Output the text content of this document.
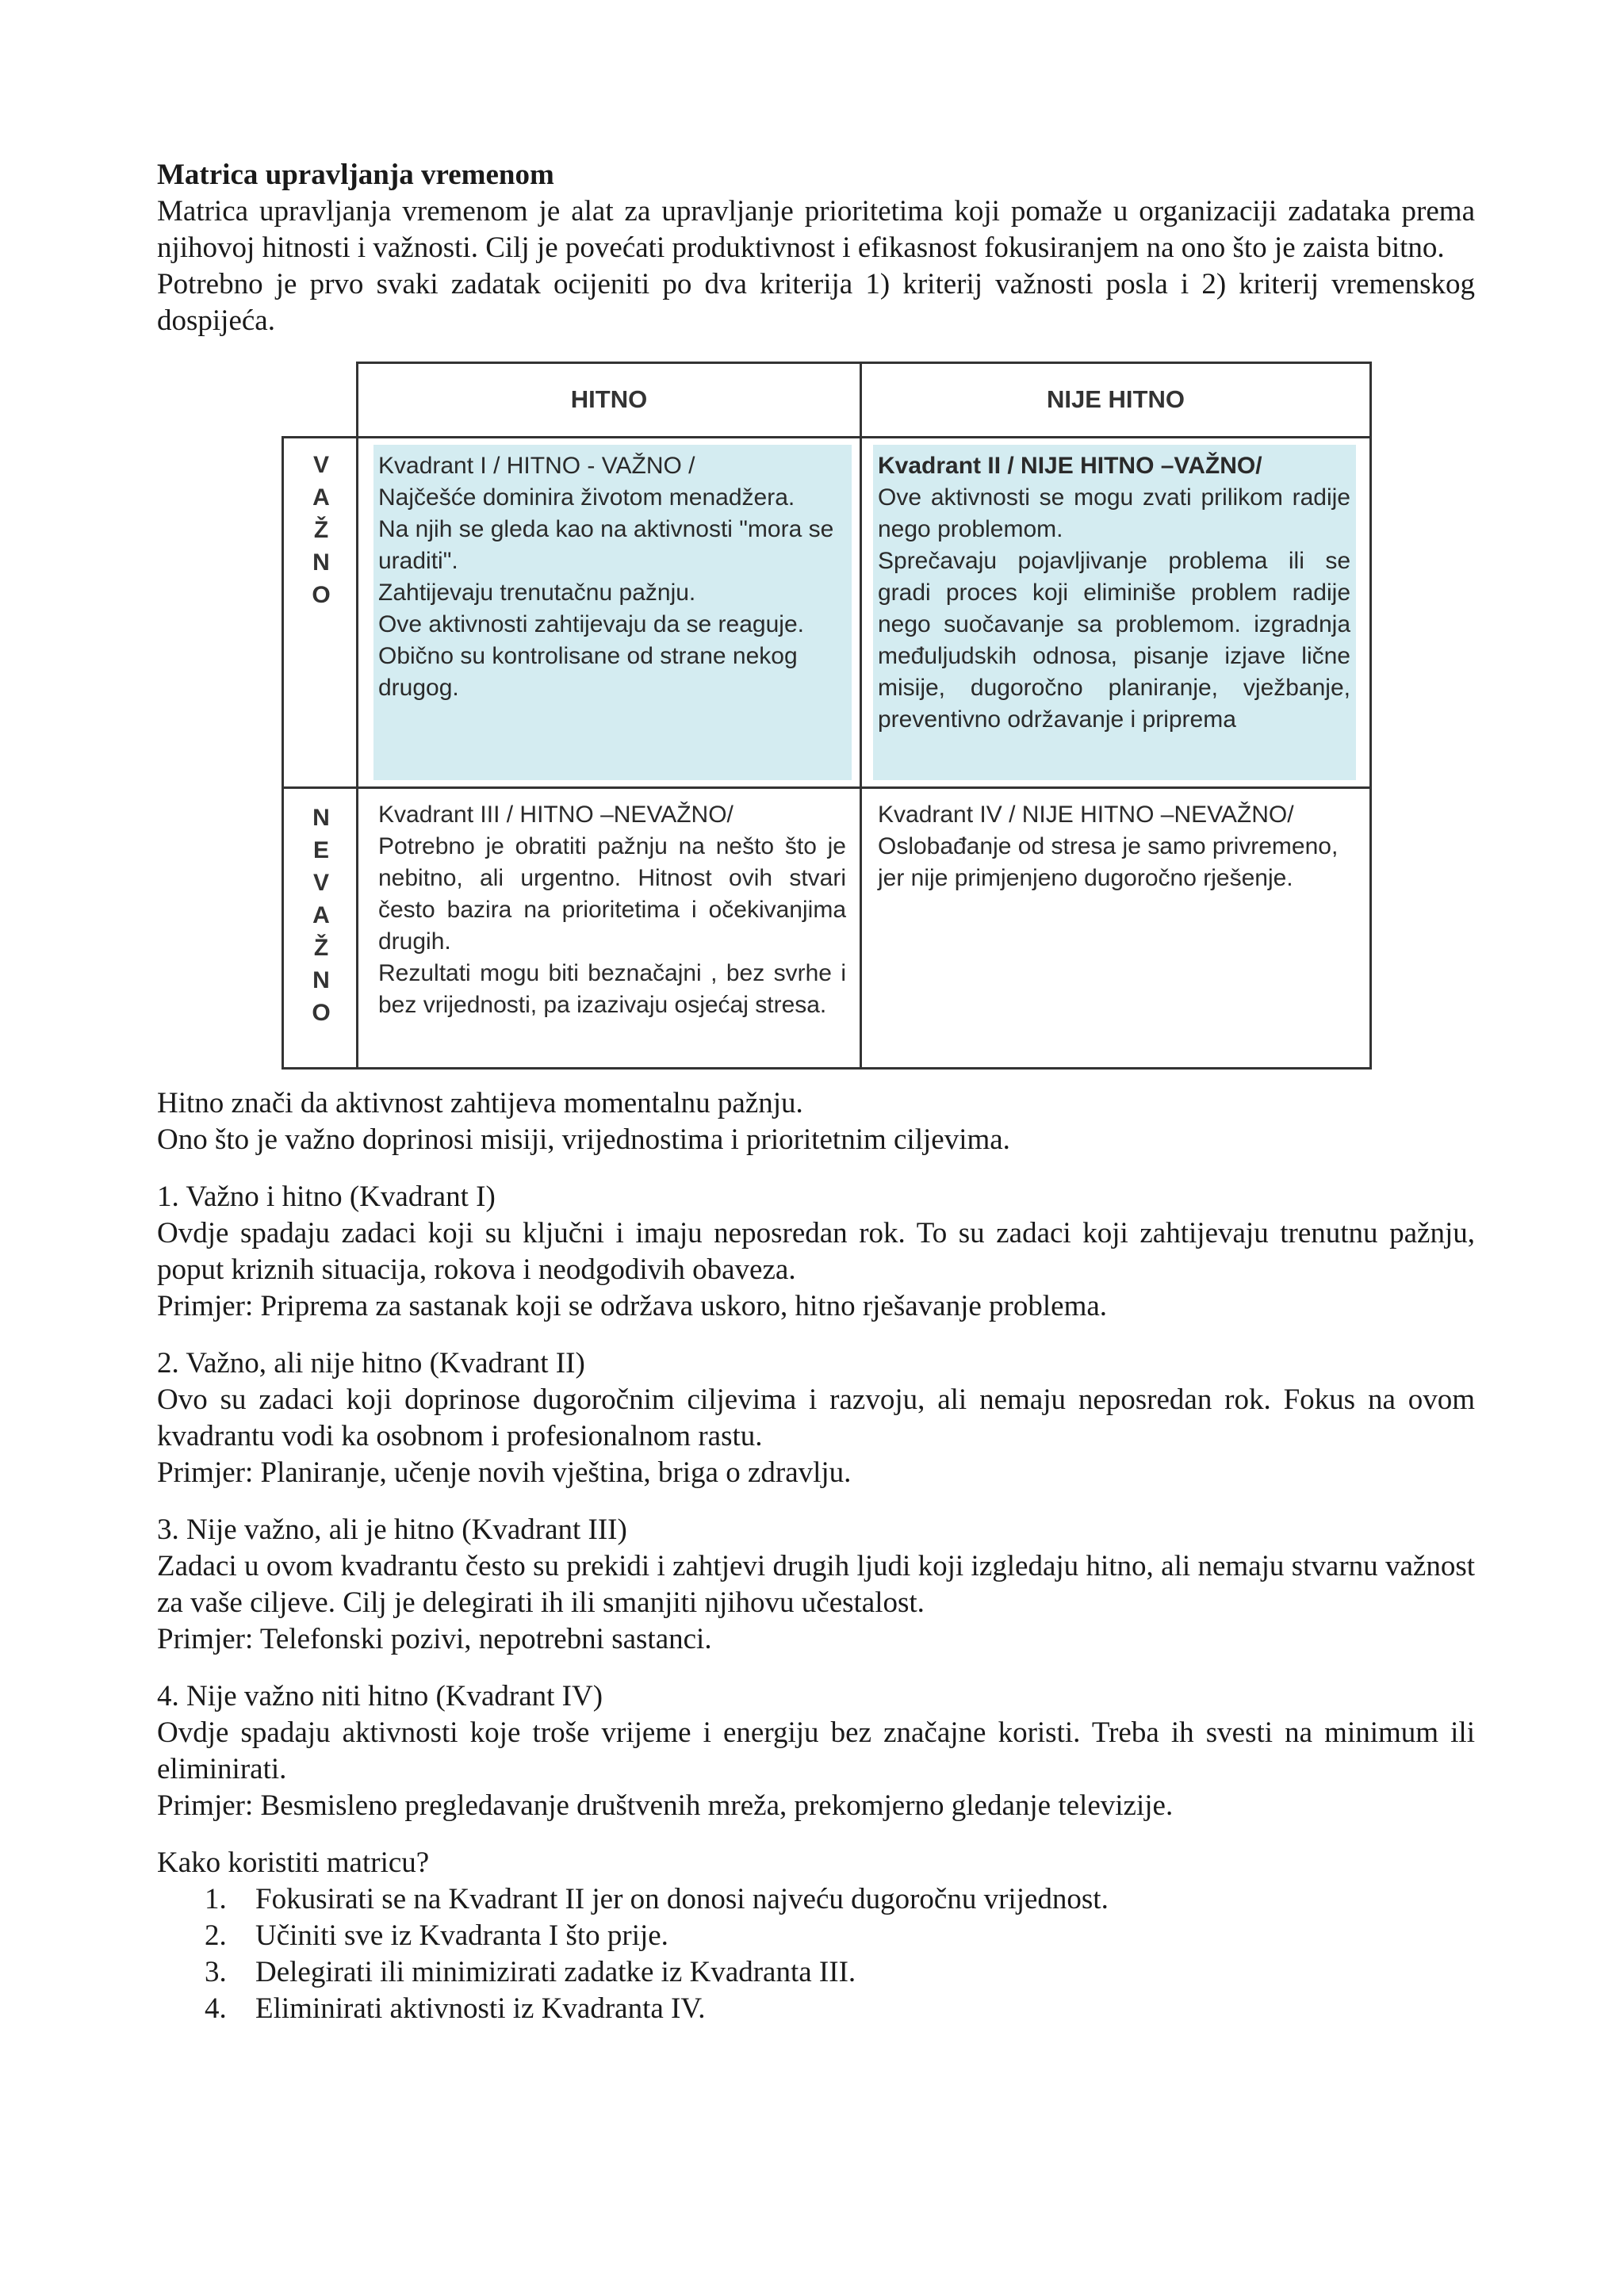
Matrica upravljanja vremenom

Matrica upravljanja vremenom je alat za upravljanje prioritetima koji pomaže u organizaciji zadataka prema njihovoj hitnosti i važnosti. Cilj je povećati produktivnost i efikasnost fokusiranjem na ono što je zaista bitno.

Potrebno je prvo svaki zadatak ocijeniti po dva kriterija 1) kriterij važnosti posla i 2) kriterij vremenskog dospijeća.

HITNO	NIJE HITNO
V
A
Ž
N
O
N
E
V
A
Ž
N
O

Kvadrant I / HITNO - VAŽNO /

Najčešće dominira životom menadžera.

Na njih se gleda kao na aktivnosti "mora se uraditi".

Zahtijevaju trenutačnu pažnju.

Ove aktivnosti zahtijevaju da se reaguje.

Obično su kontrolisane od strane nekog drugog.

Kvadrant II / NIJE HITNO –VAŽNO/

Ove aktivnosti se mogu zvati prilikom radije nego problemom.

Sprečavaju pojavljivanje problema ili se gradi proces koji eliminiše problem radije nego suočavanje sa problemom. izgradnja međuljudskih odnosa, pisanje izjave lične misije, dugoročno planiranje, vježbanje, preventivno održavanje i priprema

Kvadrant III / HITNO –NEVAŽNO/

Potrebno je obratiti pažnju na nešto što je nebitno, ali urgentno. Hitnost ovih stvari često bazira na prioritetima i očekivanjima drugih.

Rezultati mogu biti beznačajni , bez svrhe i bez vrijednosti, pa izazivaju osjećaj stresa.

Kvadrant IV / NIJE HITNO –NEVAŽNO/

Oslobađanje od stresa je samo privremeno, jer nije primjenjeno dugoročno rješenje.

Hitno znači da aktivnost zahtijeva momentalnu pažnju.

Ono što je važno doprinosi misiji, vrijednostima i prioritetnim ciljevima.

1. Važno i hitno (Kvadrant I)

Ovdje spadaju zadaci koji su ključni i imaju neposredan rok. To su zadaci koji zahtijevaju trenutnu pažnju, poput kriznih situacija, rokova i neodgodivih obaveza.

Primjer: Priprema za sastanak koji se održava uskoro, hitno rješavanje problema.

2. Važno, ali nije hitno (Kvadrant II)

Ovo su zadaci koji doprinose dugoročnim ciljevima i razvoju, ali nemaju neposredan rok. Fokus na ovom kvadrantu vodi ka osobnom i profesionalnom rastu.

Primjer: Planiranje, učenje novih vještina, briga o zdravlju.

3. Nije važno, ali je hitno (Kvadrant III)

Zadaci u ovom kvadrantu često su prekidi i zahtjevi drugih ljudi koji izgledaju hitno, ali nemaju stvarnu važnost za vaše ciljeve. Cilj je delegirati ih ili smanjiti njihovu učestalost.

Primjer: Telefonski pozivi, nepotrebni sastanci.

4. Nije važno niti hitno (Kvadrant IV)

Ovdje spadaju aktivnosti koje troše vrijeme i energiju bez značajne koristi. Treba ih svesti na minimum ili eliminirati.

Primjer: Besmisleno pregledavanje društvenih mreža, prekomjerno gledanje televizije.

Kako koristiti matricu?

1. Fokusirati se na Kvadrant II jer on donosi najveću dugoročnu vrijednost.
2. Učiniti sve iz Kvadranta I što prije.
3. Delegirati ili minimizirati zadatke iz Kvadranta III.
4. Eliminirati aktivnosti iz Kvadranta IV.
